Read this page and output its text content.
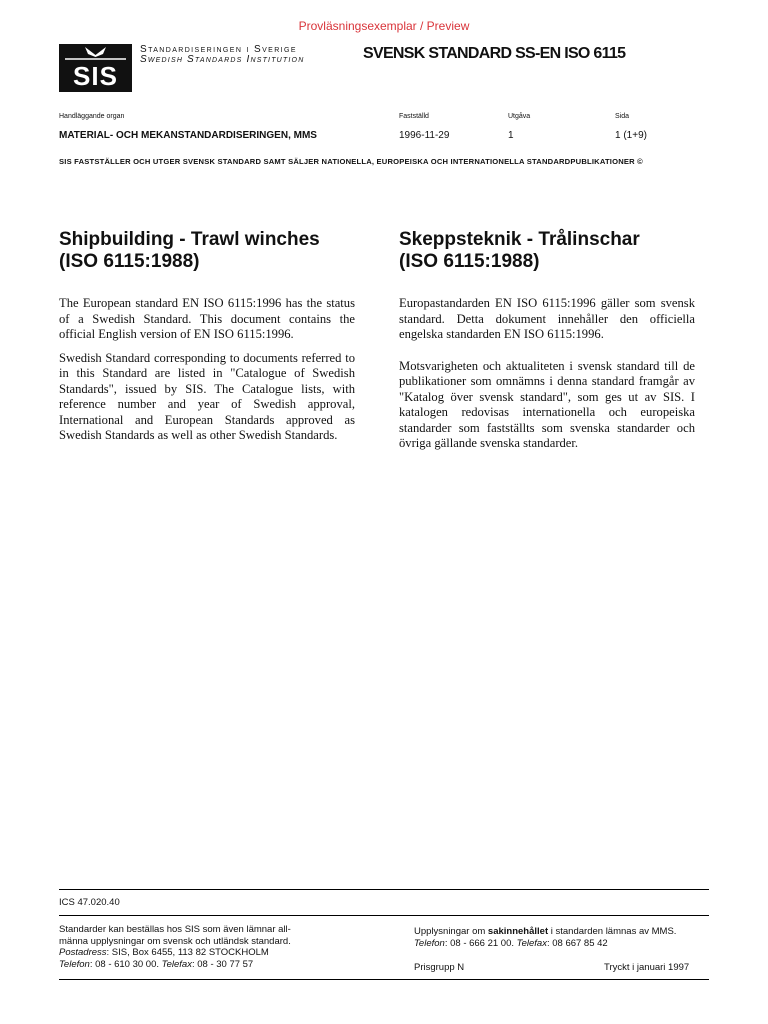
Provläsningsexemplar / Preview
SIS
Standardiseringen i Sverige
Swedish Standards Institution	SVENSK STANDARD SS-EN ISO 6115
Handläggande organ
MATERIAL- OCH MEKANSTANDARDISERINGEN, MMS
Fastställd
1996-11-29
Utgåva
1
Sida
1 (1+9)
SIS FASTSTÄLLER OCH UTGER SVENSK STANDARD SAMT SÄLJER NATIONELLA, EUROPEISKA OCH INTERNATIONELLA STANDARDPUBLIKATIONER ©
Shipbuilding - Trawl winches
(ISO 6115:1988)

The European standard EN ISO 6115:1996 has the status of a Swedish Standard. This document contains the official English version of EN ISO 6115:1996.

Swedish Standard corresponding to documents referred to in this Standard are listed in "Catalogue of Swedish Standards", issued by SIS. The Catalogue lists, with reference number and year of Swedish approval, International and European Standards approved as Swedish Standards as well as other Swedish Standards.

Skeppsteknik - Trålinschar
(ISO 6115:1988)

Europastandarden EN ISO 6115:1996 gäller som svensk standard. Detta dokument innehåller den officiella engelska standarden EN ISO 6115:1996.

Motsvarigheten och aktualiteten i svensk standard till de publikationer som omnämns i denna standard framgår av "Katalog över svensk standard", som ges ut av SIS. I katalogen redovisas internationella och europeiska standarder som fastställts som svenska standarder och övriga gällande svenska standarder.

ICS 47.020.40
Standarder kan beställas hos SIS som även lämnar all-
männa upplysningar om svensk och utländsk standard.
Postadress: SIS, Box 6455, 113 82 STOCKHOLM
Telefon: 08 - 610 30 00. Telefax: 08 - 30 77 57
Upplysningar om sakinnehållet i standarden lämnas av MMS.
Telefon: 08 - 666 21 00. Telefax: 08 667 85 42
Prisgrupp N	Tryckt i januari 1997
